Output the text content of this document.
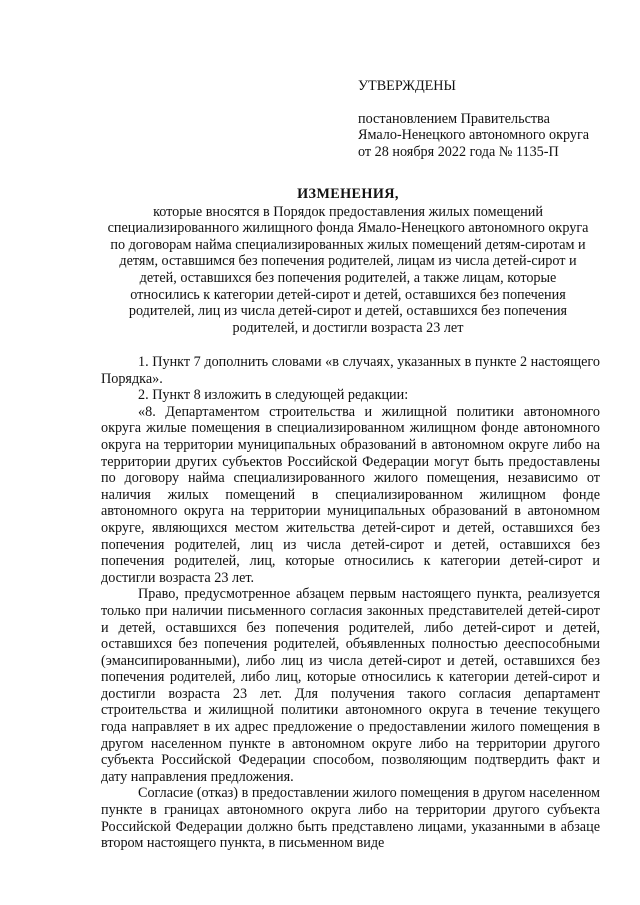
УТВЕРЖДЕНЫ
постановлением Правительства
Ямало-Ненецкого автономного округа
от 28 ноября 2022 года № 1135-П
ИЗМЕНЕНИЯ,
которые вносятся в Порядок предоставления жилых помещений
специализированного жилищного фонда Ямало-Ненецкого автономного округа
по договорам найма специализированных жилых помещений детям-сиротам и
детям, оставшимся без попечения родителей, лицам из числа детей-сирот и
детей, оставшихся без попечения родителей, а также лицам, которые
относились к категории детей-сирот и детей, оставшихся без попечения
родителей, лиц из числа детей-сирот и детей, оставшихся без попечения
родителей, и достигли возраста 23 лет

1. Пункт 7 дополнить словами «в случаях, указанных в пункте 2 настоящего Порядка».

2. Пункт 8 изложить в следующей редакции:

«8. Департаментом строительства и жилищной политики автономного округа жилые помещения в специализированном жилищном фонде автономного округа на территории муниципальных образований в автономном округе либо на территории других субъектов Российской Федерации могут быть предоставлены по договору найма специализированного жилого помещения, независимо от наличия жилых помещений в специализированном жилищном фонде автономного округа на территории муниципальных образований в автономном округе, являющихся местом жительства детей-сирот и детей, оставшихся без попечения родителей, лиц из числа детей-сирот и детей, оставшихся без попечения родителей, лиц, которые относились к категории детей-сирот и достигли возраста 23 лет.

Право, предусмотренное абзацем первым настоящего пункта, реализуется только при наличии письменного согласия законных представителей детей-сирот и детей, оставшихся без попечения родителей, либо детей-сирот и детей, оставшихся без попечения родителей, объявленных полностью дееспособными (эмансипированными), либо лиц из числа детей-сирот и детей, оставшихся без попечения родителей, либо лиц, которые относились к категории детей-сирот и достигли возраста 23 лет. Для получения такого согласия департамент строительства и жилищной политики автономного округа в течение текущего года направляет в их адрес предложение о предоставлении жилого помещения в другом населенном пункте в автономном округе либо на территории другого субъекта Российской Федерации способом, позволяющим подтвердить факт и дату направления предложения.

Согласие (отказ) в предоставлении жилого помещения в другом населенном пункте в границах автономного округа либо на территории другого субъекта Российской Федерации должно быть представлено лицами, указанными в абзаце втором настоящего пункта, в письменном виде
